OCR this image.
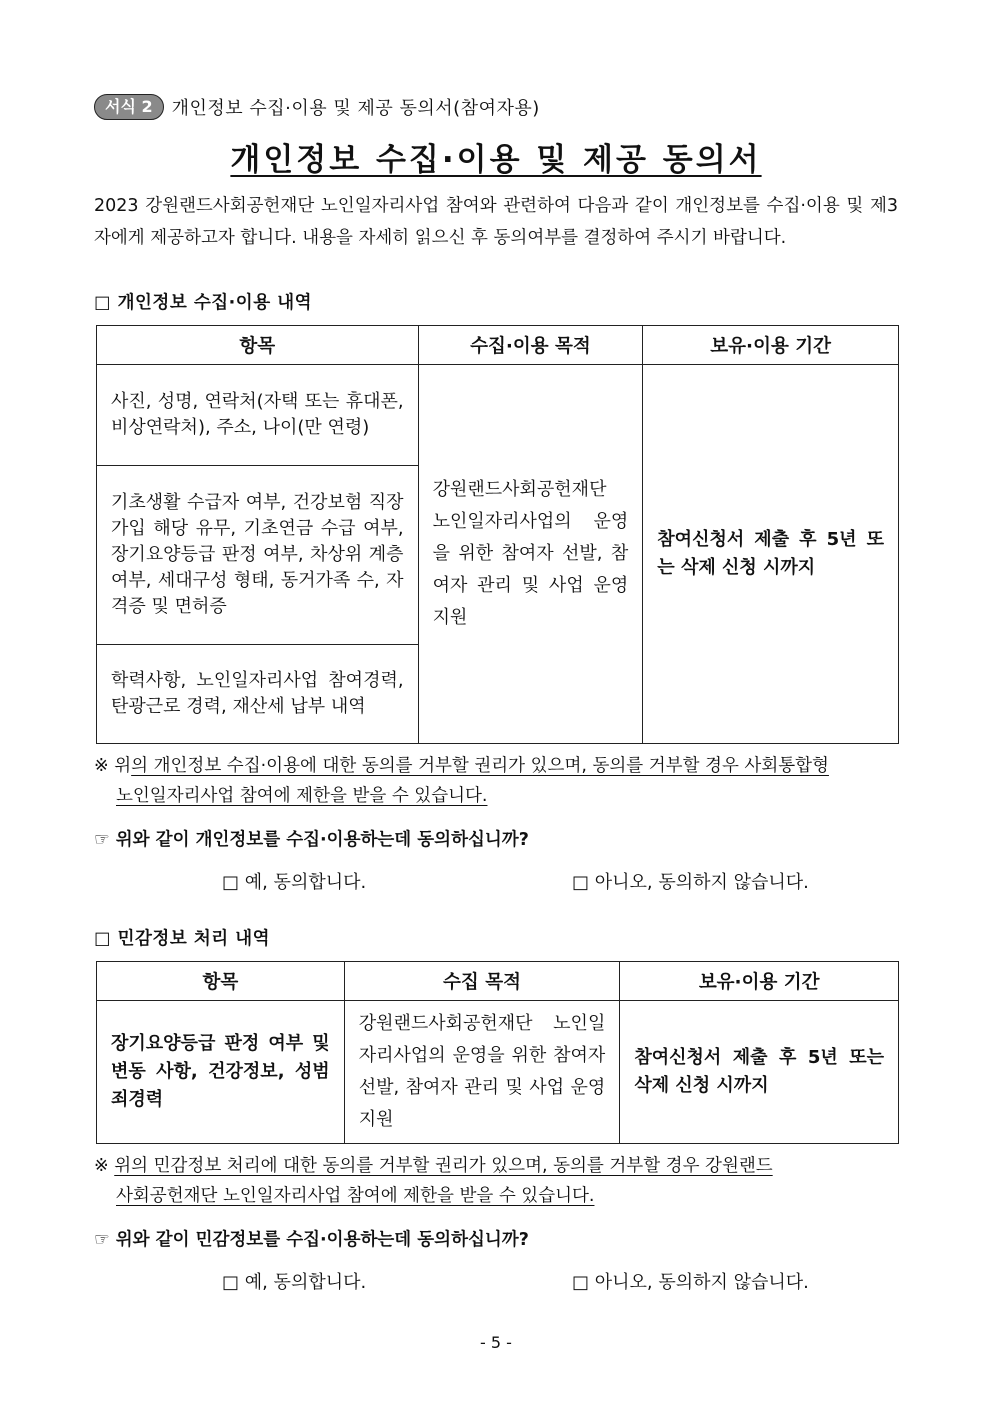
서식 2	개인정보 수집·이용 및 제공 동의서(참여자용)
개인정보 수집·이용 및 제공 동의서
2023 강원랜드사회공헌재단 노인일자리사업 참여와 관련하여 다음과 같이 개인정보를 수집·이용 및 제3자에게 제공하고자 합니다. 내용을 자세히 읽으신 후 동의여부를 결정하여 주시기 바랍니다.
□ 개인정보 수집·이용 내역
항목	수집·이용 목적	보유·이용 기간
사진, 성명, 연락처(자택 또는 휴대폰, 비상연락처), 주소, 나이(만 연령)	강원랜드사회공헌재단 노인일자리사업의 운영을 위한 참여자 선발, 참여자 관리 및 사업 운영 지원	참여신청서 제출 후 5년 또는 삭제 신청 시까지
기초생활 수급자 여부, 건강보험 직장가입 해당 유무, 기초연금 수급 여부, 장기요양등급 판정 여부, 차상위 계층 여부, 세대구성 형태, 동거가족 수, 자격증 및 면허증		
학력사항, 노인일자리사업 참여경력, 탄광근로 경력, 재산세 납부 내역		
※ 위의 개인정보 수집·이용에 대한 동의를 거부할 권리가 있으며, 동의를 거부할 경우 사회통합형
노인일자리사업 참여에 제한을 받을 수 있습니다.
☞ 위와 같이 개인정보를 수집·이용하는데 동의하십니까?
□ 예, 동의합니다.	□ 아니오, 동의하지 않습니다.
□ 민감정보 처리 내역
항목	수집 목적	보유·이용 기간
장기요양등급 판정 여부 및 변동 사항, 건강정보, 성범죄경력	강원랜드사회공헌재단 노인일자리사업의 운영을 위한 참여자 선발, 참여자 관리 및 사업 운영 지원	참여신청서 제출 후 5년 또는 삭제 신청 시까지
※ 위의 민감정보 처리에 대한 동의를 거부할 권리가 있으며, 동의를 거부할 경우 강원랜드
사회공헌재단 노인일자리사업 참여에 제한을 받을 수 있습니다.
☞ 위와 같이 민감정보를 수집·이용하는데 동의하십니까?
□ 예, 동의합니다.	□ 아니오, 동의하지 않습니다.
- 5 -
